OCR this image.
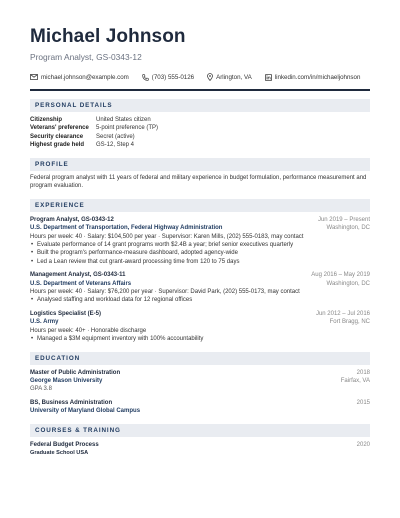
Michael Johnson
Program Analyst, GS-0343-12
michael.johnson@example.com	(703) 555-0126	Arlington, VA	linkedin.com/in/michaeljohnson
PERSONAL DETAILS
Citizenship	United States citizen
Veterans' preference	5-point preference (TP)
Security clearance	Secret (active)
Highest grade held	GS-12, Step 4
PROFILE
Federal program analyst with 11 years of federal and military experience in budget formulation, performance measurement and program evaluation.
EXPERIENCE
Program Analyst, GS-0343-12	Jun 2019 – Present
U.S. Department of Transportation, Federal Highway Administration	Washington, DC
Hours per week: 40 · Salary: $104,500 per year · Supervisor: Karen Mills, (202) 555-0183, may contact
• Evaluate performance of 14 grant programs worth $2.4B a year; brief senior executives quarterly
• Built the program's performance-measure dashboard, adopted agency-wide
• Led a Lean review that cut grant-award processing time from 120 to 75 days
Management Analyst, GS-0343-11	Aug 2016 – May 2019
U.S. Department of Veterans Affairs	Washington, DC
Hours per week: 40 · Salary: $76,200 per year · Supervisor: David Park, (202) 555-0173, may contact
• Analysed staffing and workload data for 12 regional offices
Logistics Specialist (E-5)	Jun 2012 – Jul 2016
U.S. Army	Fort Bragg, NC
Hours per week: 40+ · Honorable discharge
• Managed a $3M equipment inventory with 100% accountability
EDUCATION
Master of Public Administration	2018
George Mason University	Fairfax, VA
GPA 3.8
BS, Business Administration	2015
University of Maryland Global Campus
COURSES & TRAINING
Federal Budget Process	2020
Graduate School USA
